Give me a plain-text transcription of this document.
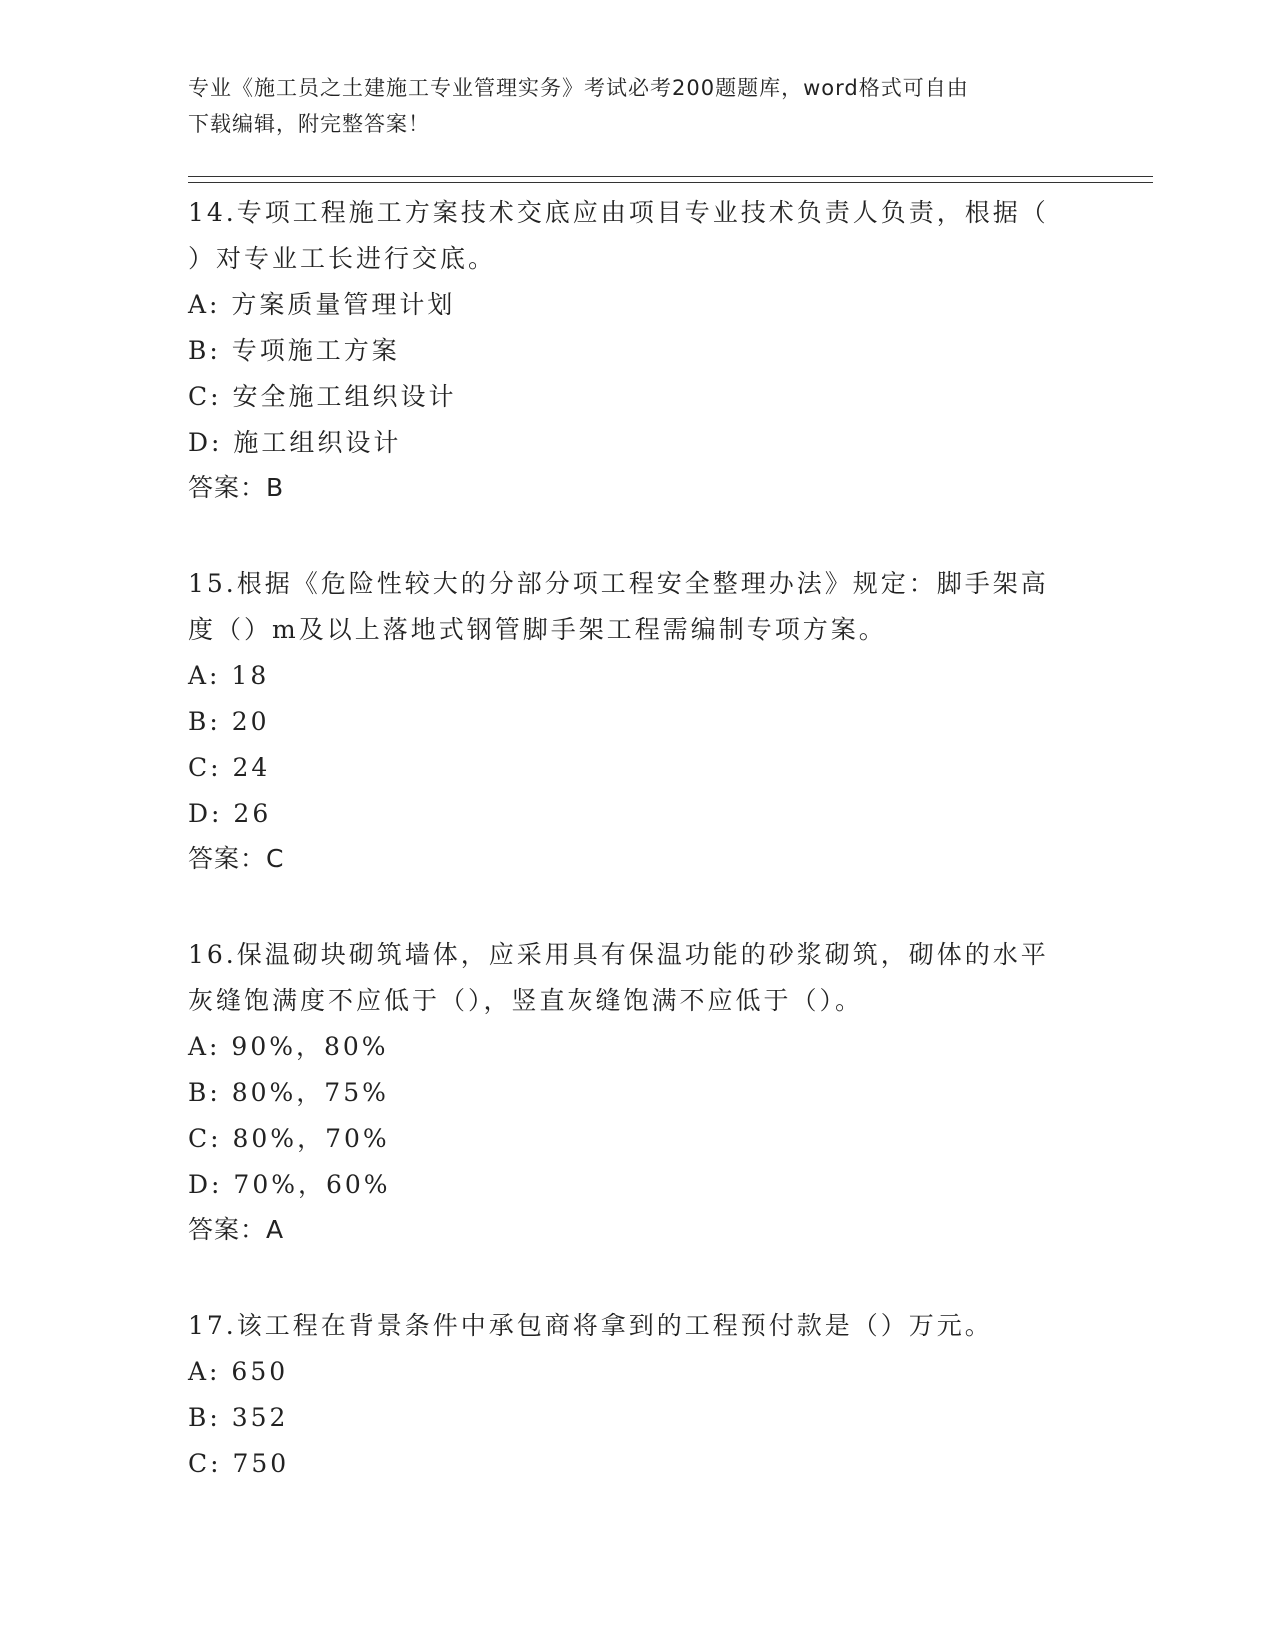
专业《施工员之土建施工专业管理实务》考试必考200题题库，word格式可自由
下载编辑，附完整答案！

14.专项工程施工方案技术交底应由项目专业技术负责人负责，根据（

）对专业工长进行交底。

A: 方案质量管理计划

B: 专项施工方案

C: 安全施工组织设计

D: 施工组织设计

答案：B

15.根据《危险性较大的分部分项工程安全整理办法》规定：脚手架高

度（）m及以上落地式钢管脚手架工程需编制专项方案。

A: 18

B: 20

C: 24

D: 26

答案：C

16.保温砌块砌筑墙体，应采用具有保温功能的砂浆砌筑，砌体的水平

灰缝饱满度不应低于（），竖直灰缝饱满不应低于（）。

A: 90%，80%

B: 80%，75%

C: 80%，70%

D: 70%，60%

答案：A

17.该工程在背景条件中承包商将拿到的工程预付款是（）万元。

A: 650

B: 352

C: 750
